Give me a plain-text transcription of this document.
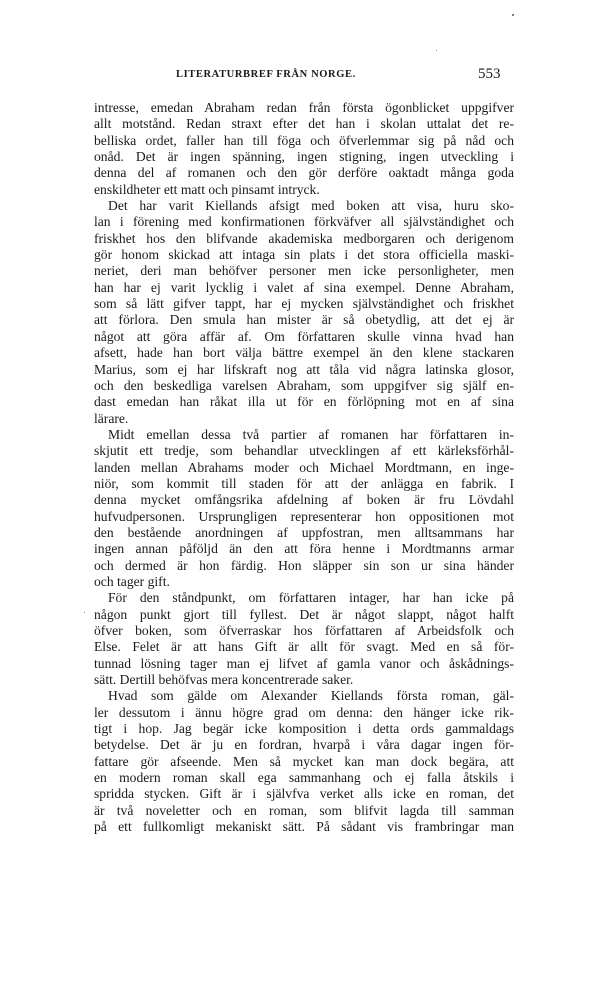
LITERATURBREF FRÅN NORGE.	553
intresse, emedan Abraham redan från första ögonblicket uppgifver
allt motstånd. Redan straxt efter det han i skolan uttalat det re-
belliska ordet, faller han till föga och öfverlemmar sig på nåd och
onåd. Det är ingen spänning, ingen stigning, ingen utveckling i
denna del af romanen och den gör derföre oaktadt många goda
enskildheter ett matt och pinsamt intryck.
Det har varit Kiellands afsigt med boken att visa, huru sko-
lan i förening med konfirmationen förkväfver all självständighet och
friskhet hos den blifvande akademiska medborgaren och derigenom
gör honom skickad att intaga sin plats i det stora officiella maski-
neriet, deri man behöfver personer men icke personligheter, men
han har ej varit lycklig i valet af sina exempel. Denne Abraham,
som så lätt gifver tappt, har ej mycken självständighet och friskhet
att förlora. Den smula han mister är så obetydlig, att det ej är
något att göra affär af. Om författaren skulle vinna hvad han
afsett, hade han bort välja bättre exempel än den klene stackaren
Marius, som ej har lifskraft nog att tåla vid några latinska glosor,
och den beskedliga varelsen Abraham, som uppgifver sig själf en-
dast emedan han råkat illa ut för en förlöpning mot en af sina
lärare.
Midt emellan dessa två partier af romanen har författaren in-
skjutit ett tredje, som behandlar utvecklingen af ett kärleksförhål-
landen mellan Abrahams moder och Michael Mordtmann, en inge-
niör, som kommit till staden för att der anlägga en fabrik. I
denna mycket omfångsrika afdelning af boken är fru Lövdahl
hufvudpersonen. Ursprungligen representerar hon oppositionen mot
den bestående anordningen af uppfostran, men alltsammans har
ingen annan påföljd än den att föra henne i Mordtmanns armar
och dermed är hon färdig. Hon släpper sin son ur sina händer
och tager gift.
För den ståndpunkt, om författaren intager, har han icke på
någon punkt gjort till fyllest. Det är något slappt, något halft
öfver boken, som öfverraskar hos författaren af Arbeidsfolk och
Else. Felet är att hans Gift är allt för svagt. Med en så för-
tunnad lösning tager man ej lifvet af gamla vanor och åskådnings-
sätt. Dertill behöfvas mera koncentrerade saker.
Hvad som gälde om Alexander Kiellands första roman, gäl-
ler dessutom i ännu högre grad om denna: den hänger icke rik-
tigt i hop. Jag begär icke komposition i detta ords gammaldags
betydelse. Det är ju en fordran, hvarpå i våra dagar ingen för-
fattare gör afseende. Men så mycket kan man dock begära, att
en modern roman skall ega sammanhang och ej falla åtskils i
spridda stycken. Gift är i självfva verket alls icke en roman, det
är två noveletter och en roman, som blifvit lagda till samman
på ett fullkomligt mekaniskt sätt. På sådant vis frambringar man
